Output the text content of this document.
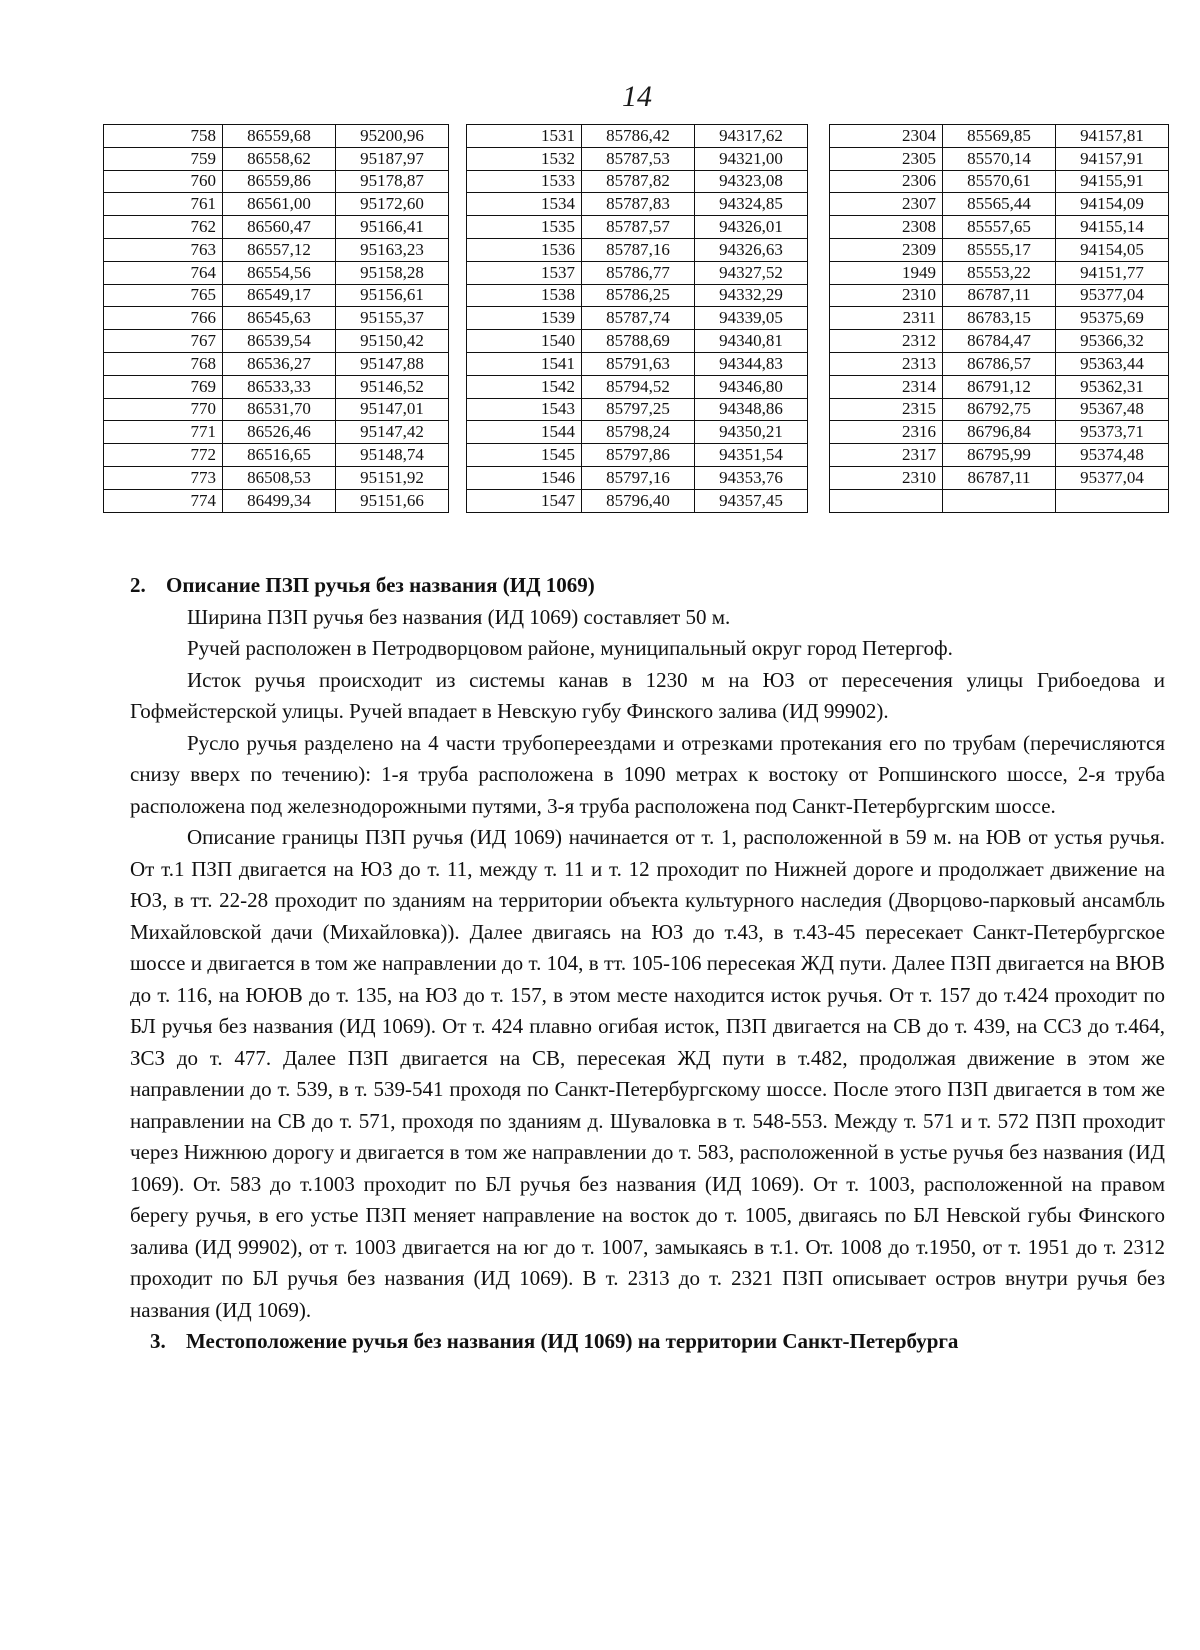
14
758	86559,68	95200,96
759	86558,62	95187,97
760	86559,86	95178,87
761	86561,00	95172,60
762	86560,47	95166,41
763	86557,12	95163,23
764	86554,56	95158,28
765	86549,17	95156,61
766	86545,63	95155,37
767	86539,54	95150,42
768	86536,27	95147,88
769	86533,33	95146,52
770	86531,70	95147,01
771	86526,46	95147,42
772	86516,65	95148,74
773	86508,53	95151,92
774	86499,34	95151,66
1531	85786,42	94317,62
1532	85787,53	94321,00
1533	85787,82	94323,08
1534	85787,83	94324,85
1535	85787,57	94326,01
1536	85787,16	94326,63
1537	85786,77	94327,52
1538	85786,25	94332,29
1539	85787,74	94339,05
1540	85788,69	94340,81
1541	85791,63	94344,83
1542	85794,52	94346,80
1543	85797,25	94348,86
1544	85798,24	94350,21
1545	85797,86	94351,54
1546	85797,16	94353,76
1547	85796,40	94357,45
2304	85569,85	94157,81
2305	85570,14	94157,91
2306	85570,61	94155,91
2307	85565,44	94154,09
2308	85557,65	94155,14
2309	85555,17	94154,05
1949	85553,22	94151,77
2310	86787,11	95377,04
2311	86783,15	95375,69
2312	86784,47	95366,32
2313	86786,57	95363,44
2314	86791,12	95362,31
2315	86792,75	95367,48
2316	86796,84	95373,71
2317	86795,99	95374,48
2310	86787,11	95377,04

2. Описание ПЗП ручья без названия (ИД 1069)

Ширина ПЗП ручья без названия (ИД 1069) составляет 50 м.

Ручей расположен в Петродворцовом районе, муниципальный округ город Петергоф.

Исток ручья происходит из системы канав в 1230 м на ЮЗ от пересечения улицы Грибоедова и Гофмейстерской улицы. Ручей впадает в Невскую губу Финского залива (ИД 99902).

Русло ручья разделено на 4 части трубопереездами и отрезками протекания его по трубам (перечисляются снизу вверх по течению): 1-я труба расположена в 1090 метрах к востоку от Ропшинского шоссе, 2-я труба расположена под железнодорожными путями, 3-я труба расположена под Санкт-Петербургским шоссе.

Описание границы ПЗП ручья (ИД 1069) начинается от т. 1, расположенной в 59 м. на ЮВ от устья ручья. От т.1 ПЗП двигается на ЮЗ до т. 11, между т. 11 и т. 12 проходит по Нижней дороге и продолжает движение на ЮЗ, в тт. 22-28 проходит по зданиям на территории объекта культурного наследия (Дворцово-парковый ансамбль Михайловской дачи (Михайловка)). Далее двигаясь на ЮЗ до т.43, в т.43-45 пересекает Санкт-Петербургское шоссе и двигается в том же направлении до т. 104, в тт. 105-106 пересекая ЖД пути. Далее ПЗП двигается на ВЮВ до т. 116, на ЮЮВ до т. 135, на ЮЗ до т. 157, в этом месте находится исток ручья. От т. 157 до т.424 проходит по БЛ ручья без названия (ИД 1069). От т. 424 плавно огибая исток, ПЗП двигается на СВ до т. 439, на ССЗ до т.464, ЗСЗ до т. 477. Далее ПЗП двигается на СВ, пересекая ЖД пути в т.482, продолжая движение в этом же направлении до т. 539, в т. 539-541 проходя по Санкт-Петербургскому шоссе. После этого ПЗП двигается в том же направлении на СВ до т. 571, проходя по зданиям д. Шуваловка в т. 548-553. Между т. 571 и т. 572 ПЗП проходит через Нижнюю дорогу и двигается в том же направлении до т. 583, расположенной в устье ручья без названия (ИД 1069). От. 583 до т.1003 проходит по БЛ ручья без названия (ИД 1069). От т. 1003, расположенной на правом берегу ручья, в его устье ПЗП меняет направление на восток до т. 1005, двигаясь по БЛ Невской губы Финского залива (ИД 99902), от т. 1003 двигается на юг до т. 1007, замыкаясь в т.1. От. 1008 до т.1950, от т. 1951 до т. 2312 проходит по БЛ ручья без названия (ИД 1069). В т. 2313 до т. 2321 ПЗП описывает остров внутри ручья без названия (ИД 1069).

3. Местоположение ручья без названия (ИД 1069) на территории Санкт-Петербурга
